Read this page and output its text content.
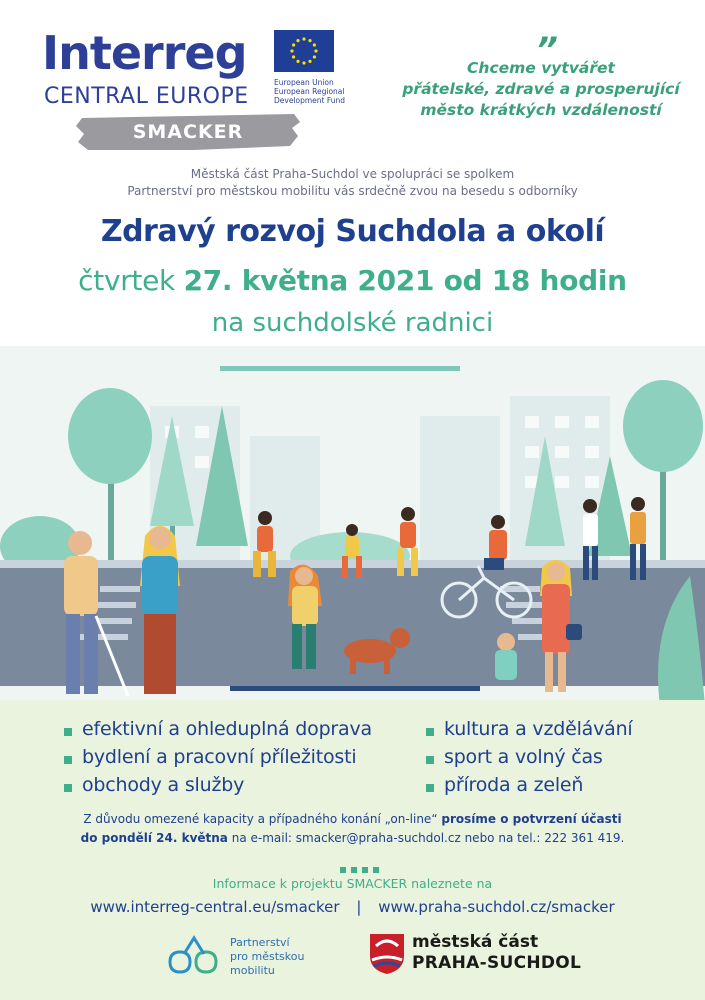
Interreg
CENTRAL EUROPE
European Union
European Regional
Development Fund
SMACKER
”
Chceme vytvářet
přátelské, zdravé a prosperující
město krátkých vzdáleností
Městská část Praha-Suchdol ve spolupráci se spolkem
Partnerství pro městskou mobilitu vás srdečně zvou na besedu s odborníky
Zdravý rozvoj Suchdola a okolí
čtvrtek 27. května 2021 od 18 hodin
na suchdolské radnici
efektivní a ohleduplná doprava
bydlení a pracovní příležitosti
obchody a služby
kultura a vzdělávání
sport a volný čas
příroda a zeleň
Z důvodu omezené kapacity a případného konání „on-line“ prosíme o potvrzení účasti
do pondělí 24. května na e-mail: smacker@praha-suchdol.cz nebo na tel.: 222 361 419.
Informace k projektu SMACKER naleznete na
www.interreg-central.eu/smacker | www.praha-suchdol.cz/smacker
Partnerství
pro městskou
mobilitu
městská část
PRAHA-SUCHDOL
